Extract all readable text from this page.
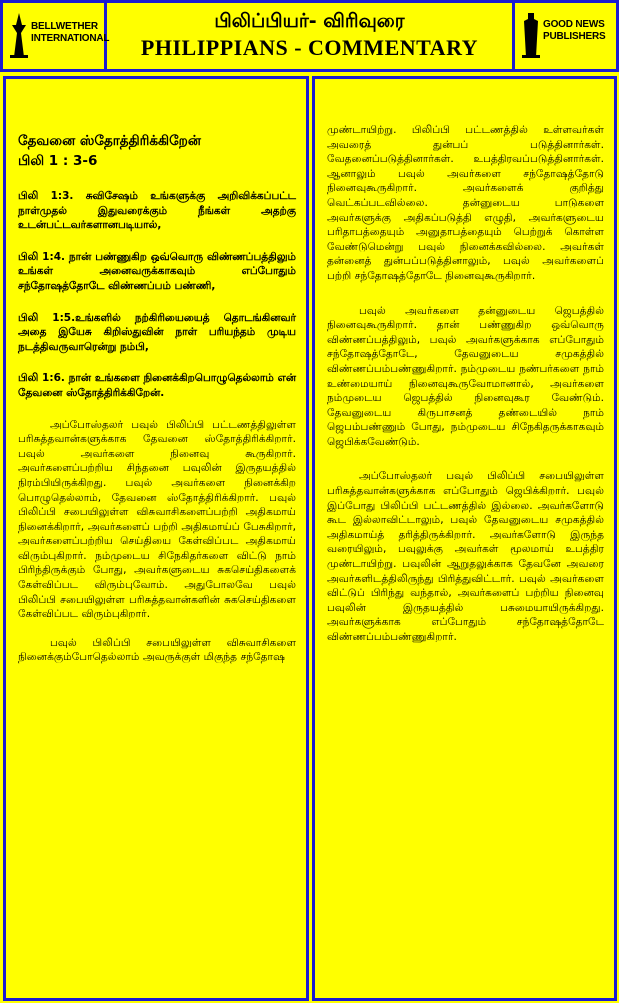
BELLWETHER INTERNATIONAL
பிலிப்பியர்- விரிவுரை
PHILIPPIANS - COMMENTARY
GOOD NEWS PUBLISHERS
தேவனை ஸ்தோத்திரிக்கிறேன்
பிலி 1 : 3-6

பிலி 1:3. சுவிசேஷம் உங்களுக்கு அறிவிக்கப்பட்ட நாள்முதல் இதுவரைக்கும் நீங்கள் அதற்கு உடன்பட்டவர்களானபடியால்,

பிலி 1:4. நான் பண்ணுகிற ஒவ்வொரு விண்ணப்பத்திலும் உங்கள் அனைவருக்காகவும் எப்போதும் சந்தோஷத்தோடே விண்ணப்பம் பண்ணி,

பிலி 1:5.உங்களில் நற்கிரியையைத் தொடங்கினவர் அதை இயேசு கிறிஸ்துவின் நாள் பரியந்தம் முடிய நடத்திவருவாரென்று நம்பி,

பிலி 1:6. நான் உங்களை நினைக்கிறபொழுதெல்லாம் என் தேவனை ஸ்தோத்திரிக்கிறேன்.

அப்போஸ்தலர் பவுல் பிலிப்பி பட்டணத்திலுள்ள பரிசுத்தவான்களுக்காக தேவனை ஸ்தோத்திரிக்கிறார். பவுல் அவர்களை நினைவு கூருகிறார். அவர்களைப்பற்றிய சிந்தனை பவுலின் இருதயத்தில் நிரம்பியிருக்கிறது. பவுல் அவர்களை நினைக்கிற பொழுதெல்லாம், தேவனை ஸ்தோத்திரிக்கிறார். பவுல் பிலிப்பி சபையிலுள்ள விசுவாசிகளைப்பற்றி அதிகமாய் நினைக்கிறார், அவர்களைப் பற்றி அதிகமாய்ப் பேசுகிறார், அவர்களைப்பற்றிய செய்தியை கேள்விப்பட அதிகமாய் விரும்புகிறார். நம்முடைய சிநேகிதர்களை விட்டு நாம் பிரிந்திருக்கும் போது, அவர்களுடைய சுகசெய்திகளைக் கேள்விப்பட விரும்புவோம். அதுபோலவே பவுல் பிலிப்பி சபையிலுள்ள பரிசுத்தவான்களின் சுகசெய்திகளை கேள்விப்பட விரும்புகிறார்.

பவுல் பிலிப்பி சபையிலுள்ள விசுவாசிகளை நினைக்கும்போதெல்லாம் அவருக்குள் மிகுந்த சந்தோஷ

முண்டாயிற்று. பிலிப்பி பட்டணத்தில் உள்ளவர்கள் அவரைத் துன்பப் படுத்தினார்கள். வேதனைப்படுத்தினார்கள். உபத்திரவப்படுத்தினார்கள். ஆனாலும் பவுல் அவர்களை சந்தோஷத்தோடு நினைவுகூருகிறார். அவர்களைக் குறித்து வெட்கப்படவில்லை. தன்னுடைய பாடுகளை அவர்களுக்கு அதிகப்படுத்தி எழுதி, அவர்களுடைய பரிதாபத்தையும் அனுதாபத்தையும் பெற்றுக் கொள்ள வேண்டுமென்று பவுல் நினைக்கவில்லை. அவர்கள் தன்னைத் துன்பப்படுத்தினாலும், பவுல் அவர்களைப் பற்றி சந்தோஷத்தோடே நினைவுகூருகிறார்.

பவுல் அவர்களை தன்னுடைய ஜெபத்தில் நினைவுகூருகிறார். தான் பண்ணுகிற ஒவ்வொரு விண்ணப்பத்திலும், பவுல் அவர்களுக்காக எப்போதும் சந்தோஷத்தோடே, தேவனுடைய சமுகத்தில் விண்ணப்பம்பண்ணுகிறார். நம்முடைய நண்பர்களை நாம் உண்மையாய் நினைவுகூருவோமானால், அவர்களை நம்முடைய ஜெபத்தில் நினைவுகூர வேண்டும். தேவனுடைய கிருபாசனத் தண்டையில் நாம் ஜெபம்பண்ணும் போது, நம்முடைய சிநேகிதருக்காகவும் ஜெபிக்கவேண்டும்.

அப்போஸ்தலர் பவுல் பிலிப்பி சபையிலுள்ள பரிசுத்தவான்களுக்காக எப்போதும் ஜெபிக்கிறார். பவுல் இப்போது பிலிப்பி பட்டணத்தில் இல்லை. அவர்களோடு கூட இல்லாவிட்டாலும், பவுல் தேவனுடைய சமுகத்தில் அதிகமாய்த் தரித்திருக்கிறார். அவர்களோடு இருந்த வரையிலும், பவுலுக்கு அவர்கள் மூலமாய் உபத்திர முண்டாயிற்று. பவுலின் ஆறுதலுக்காக தேவனே அவரை அவர்களிடத்திலிருந்து பிரித்துவிட்டார். பவுல் அவர்களை விட்டுப் பிரிந்து வந்தால், அவர்களைப் பற்றிய நினைவு பவுலின் இருதயத்தில் பசுமையாயிருக்கிறது. அவர்களுக்காக எப்போதும் சந்தோஷத்தோடே விண்ணப்பம்பண்ணுகிறார்.
